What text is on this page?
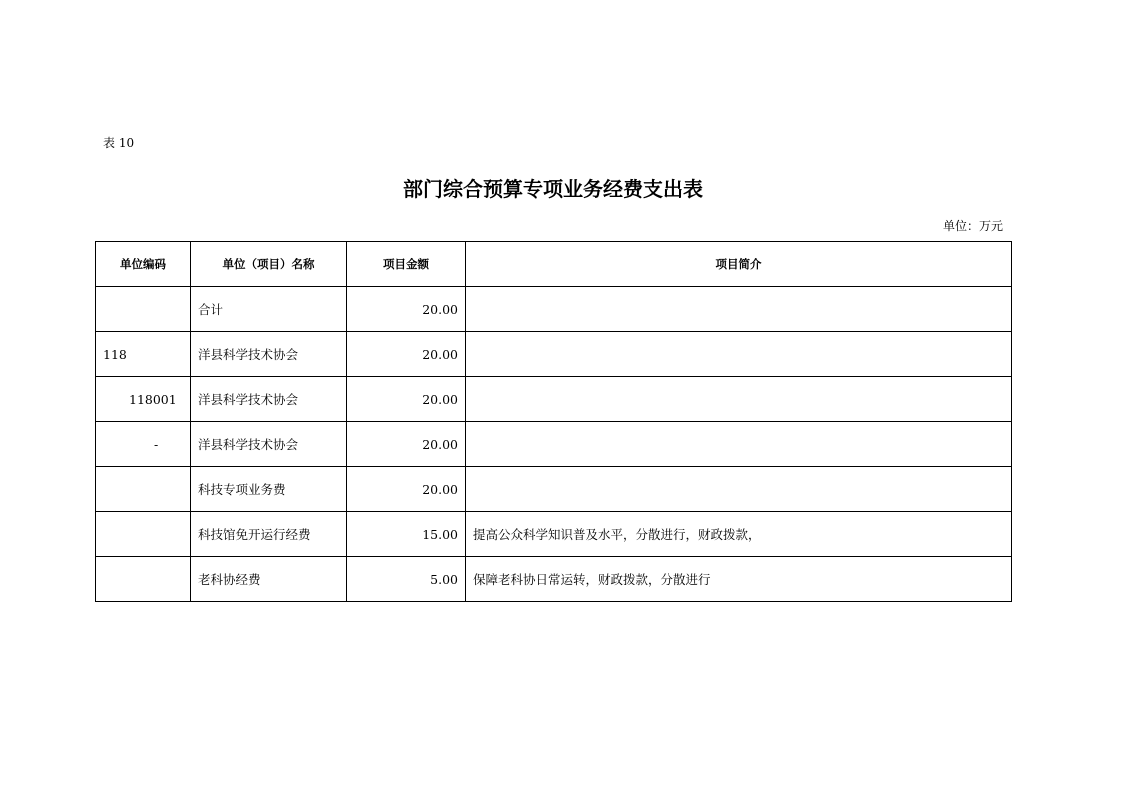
表 10
部门综合预算专项业务经费支出表
单位：万元
单位编码	单位（项目）名称	项目金额	项目简介
	合计	20.00	
118	洋县科学技术协会	20.00	
118001	洋县科学技术协会	20.00	
-	洋县科学技术协会	20.00	
	科技专项业务费	20.00	
	科技馆免开运行经费	15.00	提高公众科学知识普及水平，分散进行，财政拨款，
	老科协经费	5.00	保障老科协日常运转，财政拨款，分散进行
